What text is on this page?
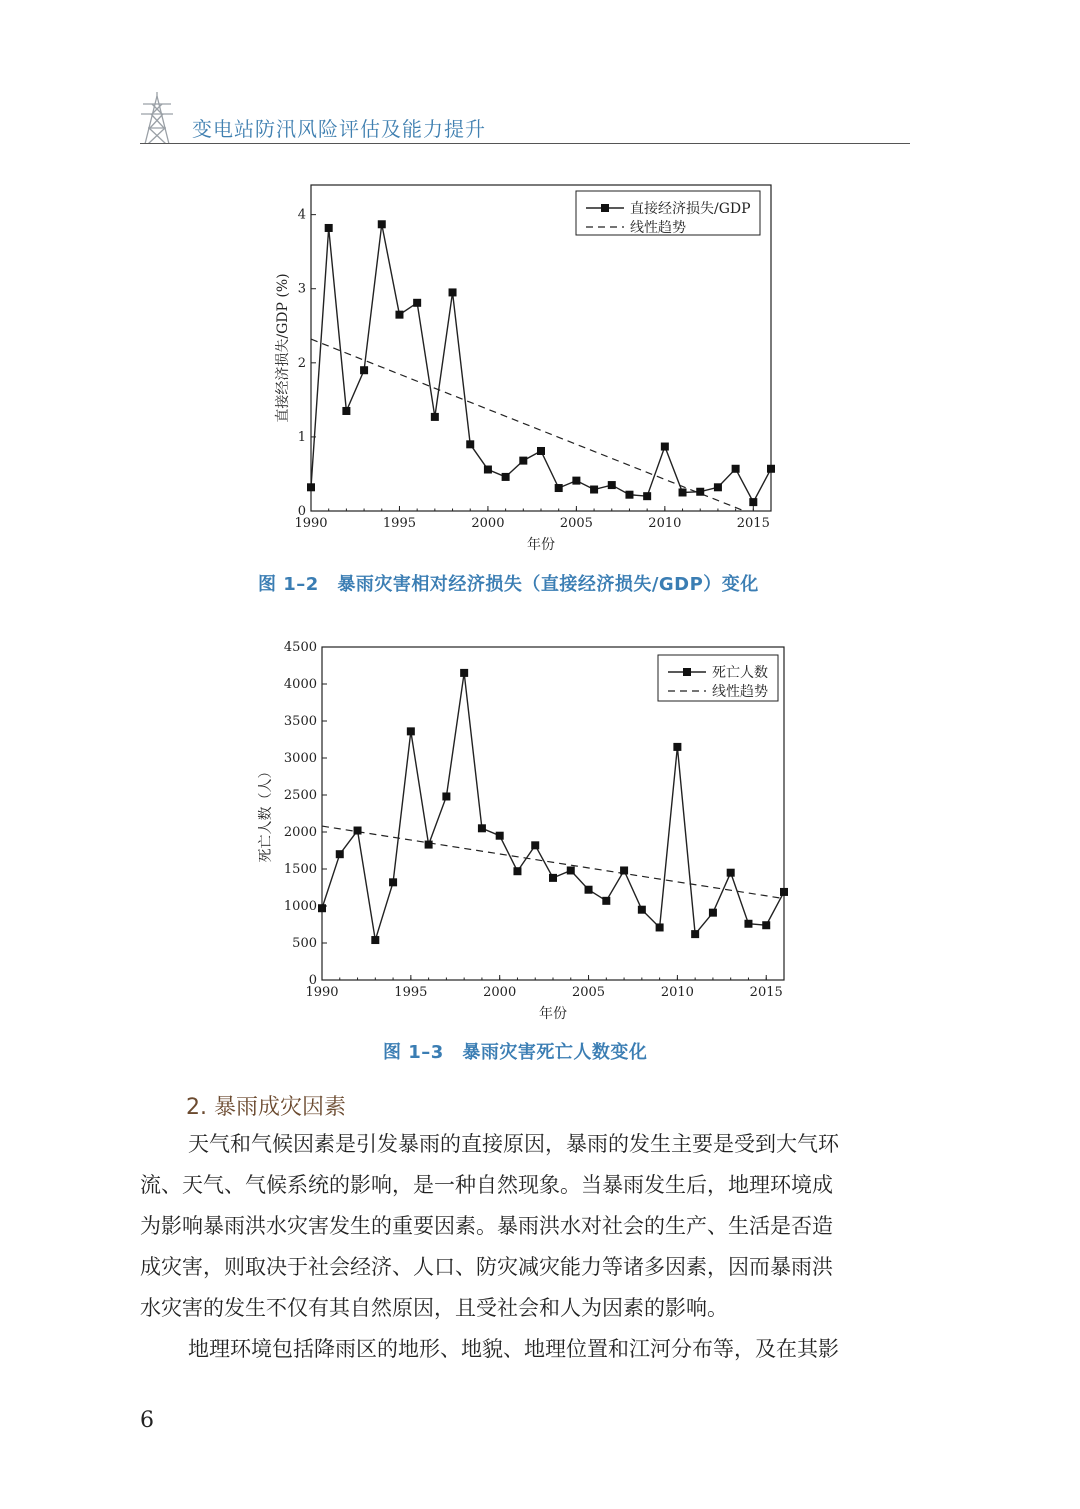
变电站防汛风险评估及能力提升
1990	1995	2000	2005	2010	2015
0
1
2
3
4
年份
直接经济损失/GDP (%)
直接经济损失/GDP
线性趋势
图 1–2　暴雨灾害相对经济损失（直接经济损失/GDP）变化
1990	1995	2000	2005	2010	2015
0
500
1000
1500
2000
2500
3000
3500
4000
4500
年份
死亡人数（人）
死亡人数
线性趋势
图 1–3　暴雨灾害死亡人数变化
2. 暴雨成灾因素
天气和气候因素是引发暴雨的直接原因，暴雨的发生主要是受到大气环
流、天气、气候系统的影响，是一种自然现象。当暴雨发生后，地理环境成
为影响暴雨洪水灾害发生的重要因素。暴雨洪水对社会的生产、生活是否造
成灾害，则取决于社会经济、人口、防灾减灾能力等诸多因素，因而暴雨洪
水灾害的发生不仅有其自然原因，且受社会和人为因素的影响。
地理环境包括降雨区的地形、地貌、地理位置和江河分布等，及在其影
6
